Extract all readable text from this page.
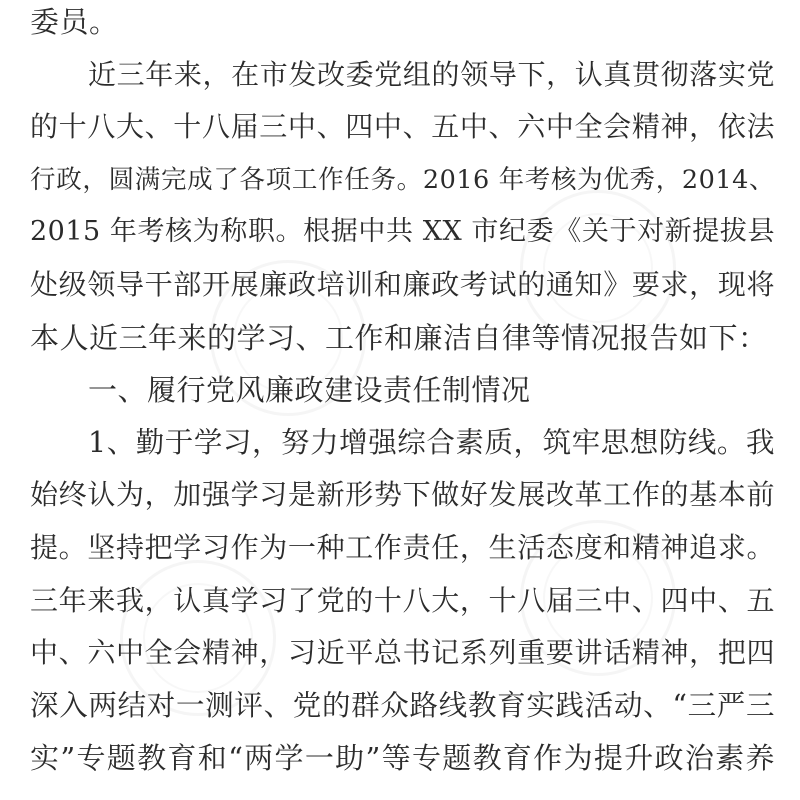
委员。
近三年来，在市发改委党组的领导下，认真贯彻落实党
的十八大、十八届三中、四中、五中、六中全会精神，依法
行政，圆满完成了各项工作任务。2016 年考核为优秀，2014、
2015 年考核为称职。根据中共 XX 市纪委《关于对新提拔县
处级领导干部开展廉政培训和廉政考试的通知》要求，现将
本人近三年来的学习、工作和廉洁自律等情况报告如下：
一、履行党风廉政建设责任制情况
1、勤于学习，努力增强综合素质，筑牢思想防线。我
始终认为，加强学习是新形势下做好发展改革工作的基本前
提。坚持把学习作为一种工作责任，生活态度和精神追求。
三年来我，认真学习了党的十八大，十八届三中、四中、五
中、六中全会精神，习近平总书记系列重要讲话精神，把四
深入两结对一测评、党的群众路线教育实践活动、“三严三
实”专题教育和“两学一助”等专题教育作为提升政治素养
